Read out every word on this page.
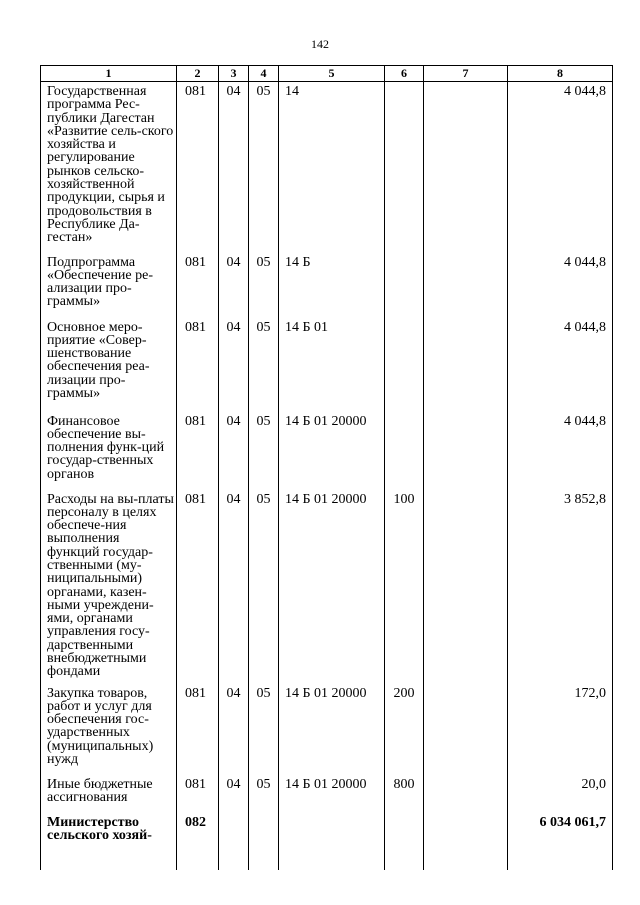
142
1	2	3	4	5	6	7	8
Государственная программа Рес-публики Дагестан «Развитие сель-ского хозяйства и регулирование рынков сельско-хозяйственной продукции, сырья и продовольствия в Республике Да-гестан»	081	04	05	14			4 044,8
Подпрограмма «Обеспечение ре-ализации про-граммы»	081	04	05	14 Б			4 044,8
Основное меро-приятие «Совер-шенствование обеспечения реа-лизации про-граммы»	081	04	05	14 Б 01			4 044,8
Финансовое обеспечение вы-полнения функ-ций государ-ственных органов	081	04	05	14 Б 01 20000			4 044,8
Расходы на вы-платы персоналу в целях обеспече-ния выполнения функций государ-ственными (му-ниципальными) органами, казен-ными учреждени-ями, органами управления госу-дарственными внебюджетными фондами	081	04	05	14 Б 01 20000	100		3 852,8
Закупка товаров, работ и услуг для обеспечения гос-ударственных (муниципальных) нужд	081	04	05	14 Б 01 20000	200		172,0
Иные бюджетные ассигнования	081	04	05	14 Б 01 20000	800		20,0
Министерство сельского хозяй-	082						6 034 061,7
